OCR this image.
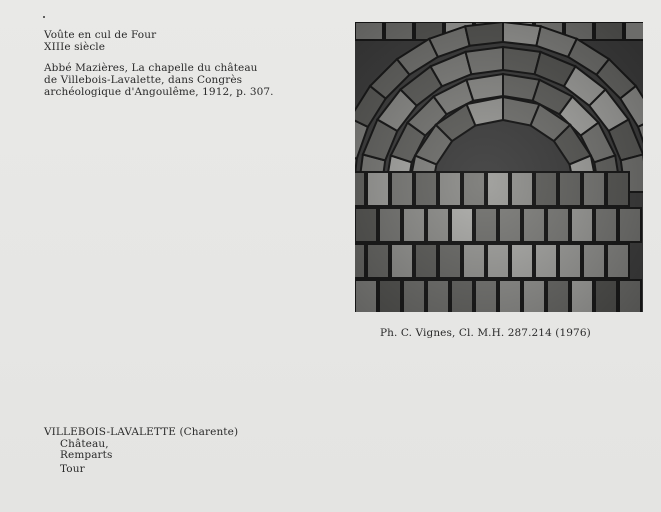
Voûte en cul de Four
XIIIe siècle
Abbé Mazières, La chapelle du château
de Villebois-Lavalette, dans Congrès
archéologique d'Angoulême, 1912, p. 307.
Ph. C. Vignes, Cl. M.H. 287.214 (1976)
VILLEBOIS-LAVALETTE (Charente)
Château,
Remparts
Tour
